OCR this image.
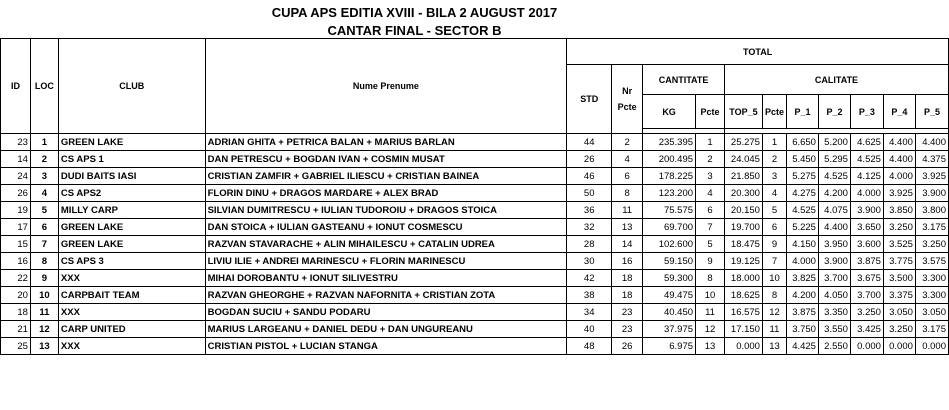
CUPA APS EDITIA XVIII - BILA 2 AUGUST 2017
CANTAR FINAL - SECTOR B
ID	LOC	CLUB	Nume Prenume	TOTAL										
				STD	Nr Pcte	CANTITATE		CALITATE						
						KG	Pcte	TOP_5	Pcte	P_1	P_2	P_3	P_4	P_5

23	1	GREEN LAKE	ADRIAN GHITA + PETRICA BALAN + MARIUS BARLAN	44	2	235.395	1	25.275	1	6.650	5.200	4.625	4.400	4.400
14	2	CS APS 1	DAN PETRESCU + BOGDAN IVAN + COSMIN MUSAT	26	4	200.495	2	24.045	2	5.450	5.295	4.525	4.400	4.375
24	3	DUDI BAITS IASI	CRISTIAN ZAMFIR + GABRIEL ILIESCU + CRISTIAN BAINEA	46	6	178.225	3	21.850	3	5.275	4.525	4.125	4.000	3.925
26	4	CS APS2	FLORIN DINU + DRAGOS MARDARE + ALEX BRAD	50	8	123.200	4	20.300	4	4.275	4.200	4.000	3.925	3.900
19	5	MILLY CARP	SILVIAN DUMITRESCU + IULIAN TUDOROIU + DRAGOS STOICA	36	11	75.575	6	20.150	5	4.525	4.075	3.900	3.850	3.800
17	6	GREEN LAKE	DAN STOICA + IULIAN GASTEANU + IONUT COSMESCU	32	13	69.700	7	19.700	6	5.225	4.400	3.650	3.250	3.175
15	7	GREEN LAKE	RAZVAN STAVARACHE + ALIN MIHAILESCU + CATALIN UDREA	28	14	102.600	5	18.475	9	4.150	3.950	3.600	3.525	3.250
16	8	CS APS 3	LIVIU ILIE + ANDREI MARINESCU + FLORIN MARINESCU	30	16	59.150	9	19.125	7	4.000	3.900	3.875	3.775	3.575
22	9	XXX	MIHAI DOROBANTU + IONUT SILIVESTRU	42	18	59.300	8	18.000	10	3.825	3.700	3.675	3.500	3.300
20	10	CARPBAIT TEAM	RAZVAN GHEORGHE + RAZVAN NAFORNITA + CRISTIAN ZOTA	38	18	49.475	10	18.625	8	4.200	4.050	3.700	3.375	3.300
18	11	XXX	BOGDAN SUCIU + SANDU PODARU	34	23	40.450	11	16.575	12	3.875	3.350	3.250	3.050	3.050
21	12	CARP UNITED	MARIUS LARGEANU + DANIEL DEDU + DAN UNGUREANU	40	23	37.975	12	17.150	11	3.750	3.550	3.425	3.250	3.175
25	13	XXX	CRISTIAN PISTOL + LUCIAN STANGA	48	26	6.975	13	0.000	13	4.425	2.550	0.000	0.000	0.000
